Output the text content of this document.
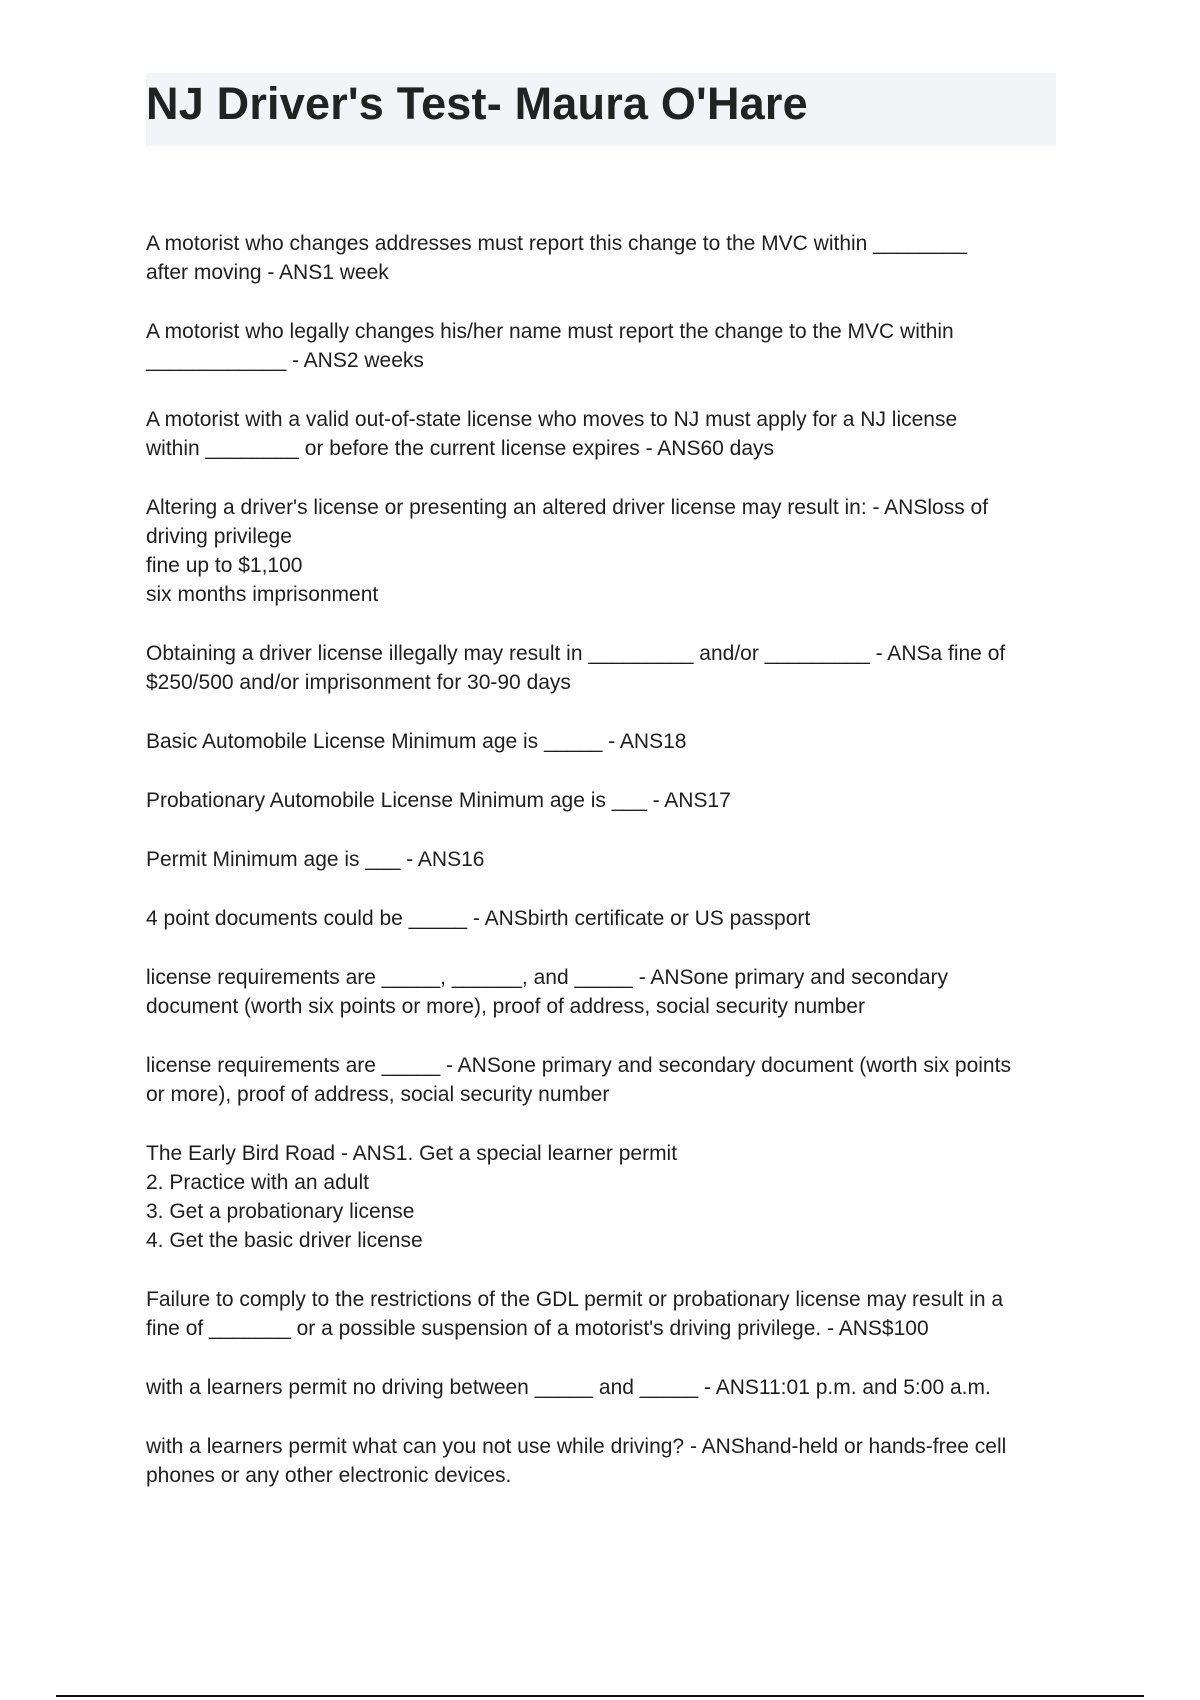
NJ Driver's Test- Maura O'Hare

A motorist who changes addresses must report this change to the MVC within ________
after moving - ANS1 week

A motorist who legally changes his/her name must report the change to the MVC within
____________ - ANS2 weeks

A motorist with a valid out-of-state license who moves to NJ must apply for a NJ license
within ________ or before the current license expires - ANS60 days

Altering a driver's license or presenting an altered driver license may result in: - ANSloss of
driving privilege
fine up to $1,100
six months imprisonment

Obtaining a driver license illegally may result in _________ and/or _________ - ANSa fine of
$250/500 and/or imprisonment for 30-90 days

Basic Automobile License Minimum age is _____ - ANS18

Probationary Automobile License Minimum age is ___ - ANS17

Permit Minimum age is ___ - ANS16

4 point documents could be _____ - ANSbirth certificate or US passport

license requirements are _____, ______, and _____ - ANSone primary and secondary
document (worth six points or more), proof of address, social security number

license requirements are _____ - ANSone primary and secondary document (worth six points
or more), proof of address, social security number

The Early Bird Road - ANS1. Get a special learner permit
2. Practice with an adult
3. Get a probationary license
4. Get the basic driver license

Failure to comply to the restrictions of the GDL permit or probationary license may result in a
fine of _______ or a possible suspension of a motorist's driving privilege. - ANS$100

with a learners permit no driving between _____ and _____ - ANS11:01 p.m. and 5:00 a.m.

with a learners permit what can you not use while driving? - ANShand-held or hands-free cell
phones or any other electronic devices.
